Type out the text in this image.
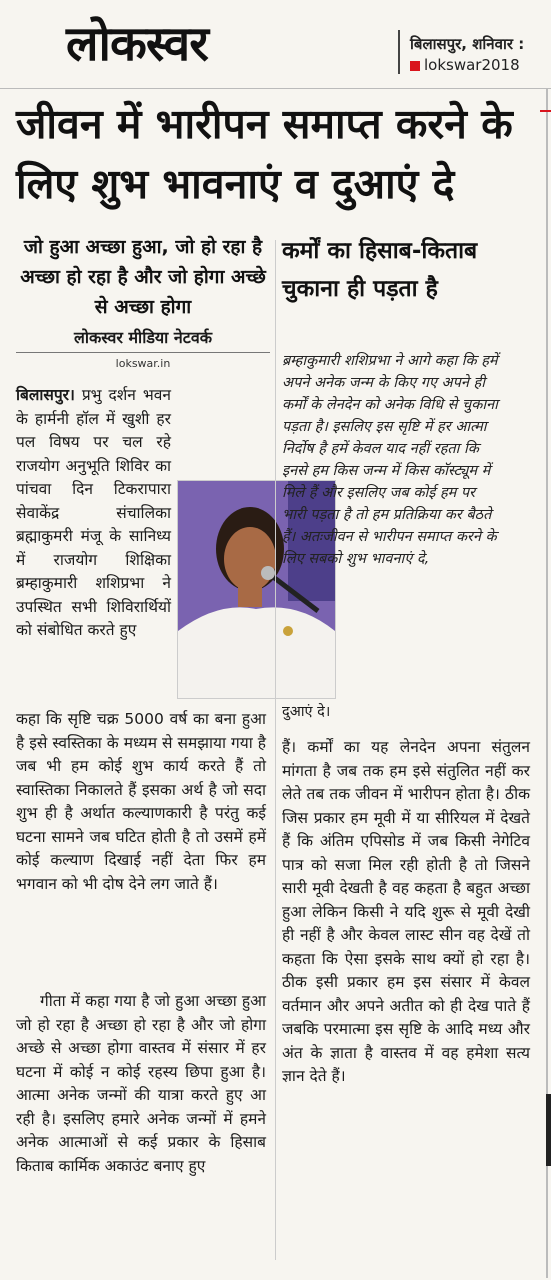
लोकस्वर	बिलासपुर, शनिवार :
lokswar2018
जीवन में भारीपन समाप्त करने के लिए शुभ भावनाएं व दुआएं दे
जो हुआ अच्छा हुआ, जो हो रहा है अच्छा हो रहा है और जो होगा अच्छे से अच्छा होगा
लोकस्वर मीडिया नेटवर्क
lokswar.in
बिलासपुर। प्रभु दर्शन भवन के हार्मनी हॉल में खुशी हर पल विषय पर चल रहे राजयोग अनुभूति शिविर का पांचवा दिन टिकरापारा सेवाकेंद्र संचालिका ब्रह्माकुमरी मंजू के सानिध्य में राजयोग शिक्षिका ब्रम्हाकुमारी शशिप्रभा ने उपस्थित सभी शिविरार्थियों को संबोधित करते हुए
कहा कि सृष्टि चक्र 5000 वर्ष का बना हुआ है इसे स्वस्तिका के मध्यम से समझाया गया है जब भी हम कोई शुभ कार्य करते हैं तो स्वास्तिका निकालते हैं इसका अर्थ है जो सदा शुभ ही है अर्थात कल्याणकारी है परंतु कई घटना सामने जब घटित होती है तो उसमें हमें कोई कल्याण दिखाई नहीं देता फिर हम भगवान को भी दोष देने लग जाते हैं।
गीता में कहा गया है जो हुआ अच्छा हुआ जो हो रहा है अच्छा हो रहा है और जो होगा अच्छे से अच्छा होगा वास्तव में संसार में हर घटना में कोई न कोई रहस्य छिपा हुआ है। आत्मा अनेक जन्मों की यात्रा करते हुए आ रही है। इसलिए हमारे अनेक जन्मों में हमने अनेक आत्माओं से कई प्रकार के हिसाब किताब कार्मिक अकाउंट बनाए हुए
कर्मों का हिसाब-किताब चुकाना ही पड़ता है
ब्रम्हाकुमारी शशिप्रभा ने आगे कहा कि हमें अपने अनेक जन्म के किए गए अपने ही कर्मों के लेनदेन को अनेक विधि से चुकाना पड़ता है। इसलिए इस सृष्टि में हर आत्मा निर्दोष है हमें केवल याद नहीं रहता कि इनसे हम किस जन्म में किस कॉस्ट्यूम में मिले हैं और इसलिए जब कोई हम पर भारी पड़ता है तो हम प्रतिक्रिया कर बैठते हैं। अतःजीवन से भारीपन समाप्त करने के लिए सबको शुभ भावनाएं दे,
दुआएं दे।
हैं। कर्मों का यह लेनदेन अपना संतुलन मांगता है जब तक हम इसे संतुलित नहीं कर लेते तब तक जीवन में भारीपन होता है। ठीक जिस प्रकार हम मूवी में या सीरियल में देखते हैं कि अंतिम एपिसोड में जब किसी नेगेटिव पात्र को सजा मिल रही होती है तो जिसने सारी मूवी देखती है वह कहता है बहुत अच्छा हुआ लेकिन किसी ने यदि शुरू से मूवी देखी ही नहीं है और केवल लास्ट सीन वह देखें तो कहता कि ऐसा इसके साथ क्यों हो रहा है। ठीक इसी प्रकार हम इस संसार में केवल वर्तमान और अपने अतीत को ही देख पाते हैं जबकि परमात्मा इस सृष्टि के आदि मध्य और अंत के ज्ञाता है वास्तव में वह हमेशा सत्य ज्ञान देते हैं।
